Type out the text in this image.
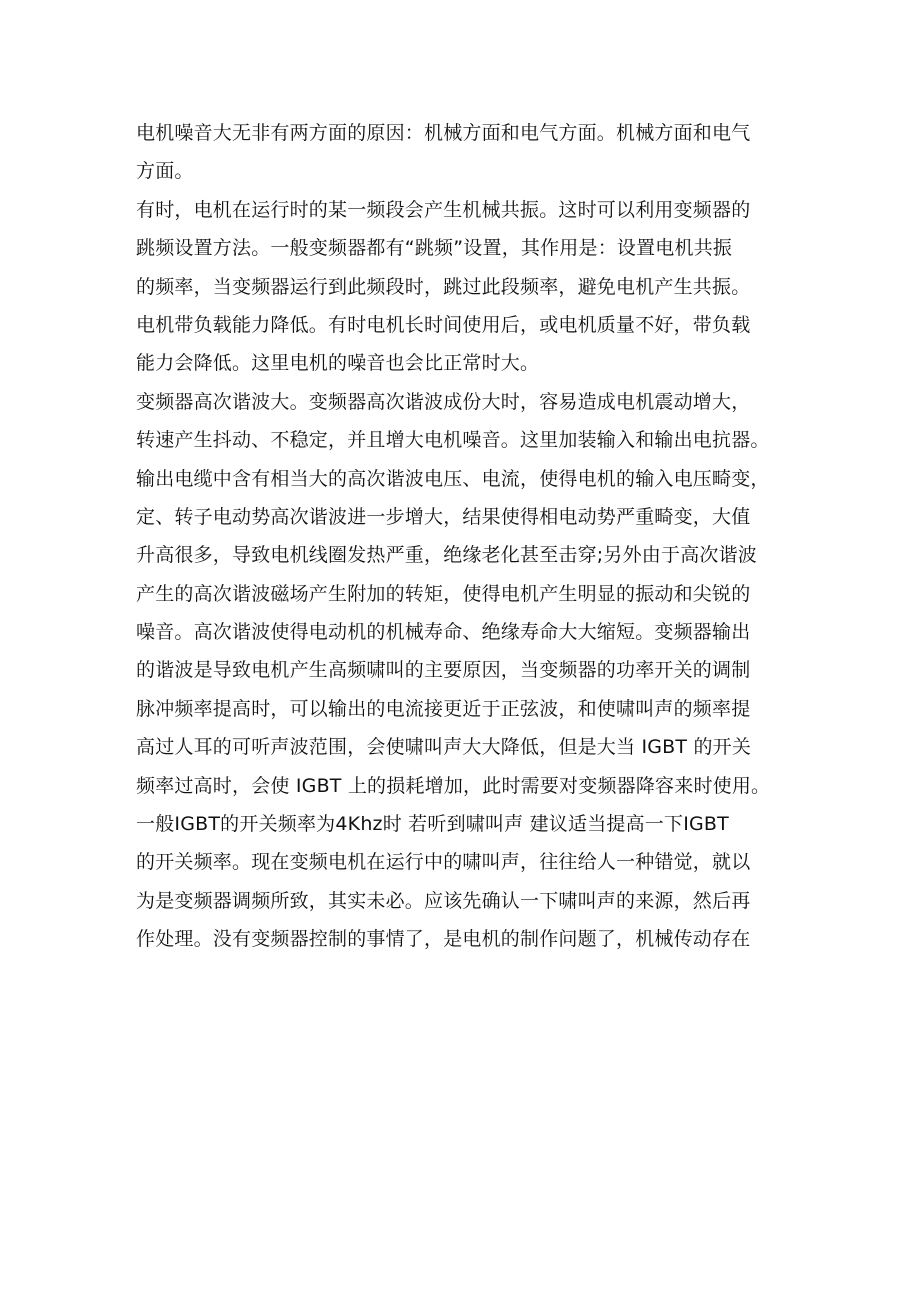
电机噪音大无非有两方面的原因：机械方面和电气方面。机械方面和电气
方面。
有时，电机在运行时的某一频段会产生机械共振。这时可以利用变频器的
跳频设置方法。一般变频器都有“跳频”设置，其作用是：设置电机共振
的频率，当变频器运行到此频段时，跳过此段频率，避免电机产生共振。
电机带负载能力降低。有时电机长时间使用后，或电机质量不好，带负载
能力会降低。这里电机的噪音也会比正常时大。
变频器高次谐波大。变频器高次谐波成份大时，容易造成电机震动增大，
转速产生抖动、不稳定，并且增大电机噪音。这里加装输入和输出电抗器。
输出电缆中含有相当大的高次谐波电压、电流，使得电机的输入电压畸变，
定、转子电动势高次谐波进一步增大，结果使得相电动势严重畸变，大值
升高很多，导致电机线圈发热严重，绝缘老化甚至击穿;另外由于高次谐波
产生的高次谐波磁场产生附加的转矩，使得电机产生明显的振动和尖锐的
噪音。高次谐波使得电动机的机械寿命、绝缘寿命大大缩短。变频器输出
的谐波是导致电机产生高频啸叫的主要原因，当变频器的功率开关的调制
脉冲频率提高时，可以输出的电流接更近于正弦波，和使啸叫声的频率提
高过人耳的可听声波范围，会使啸叫声大大降低，但是大当 IGBT 的开关
频率过高时，会使 IGBT 上的损耗增加，此时需要对变频器降容来时使用。
一般IGBT的开关频率为4Khz时 若听到啸叫声 建议适当提高一下IGBT
的开关频率。现在变频电机在运行中的啸叫声，往往给人一种错觉，就以
为是变频器调频所致，其实未必。应该先确认一下啸叫声的来源，然后再
作处理。没有变频器控制的事情了，是电机的制作问题了，机械传动存在
